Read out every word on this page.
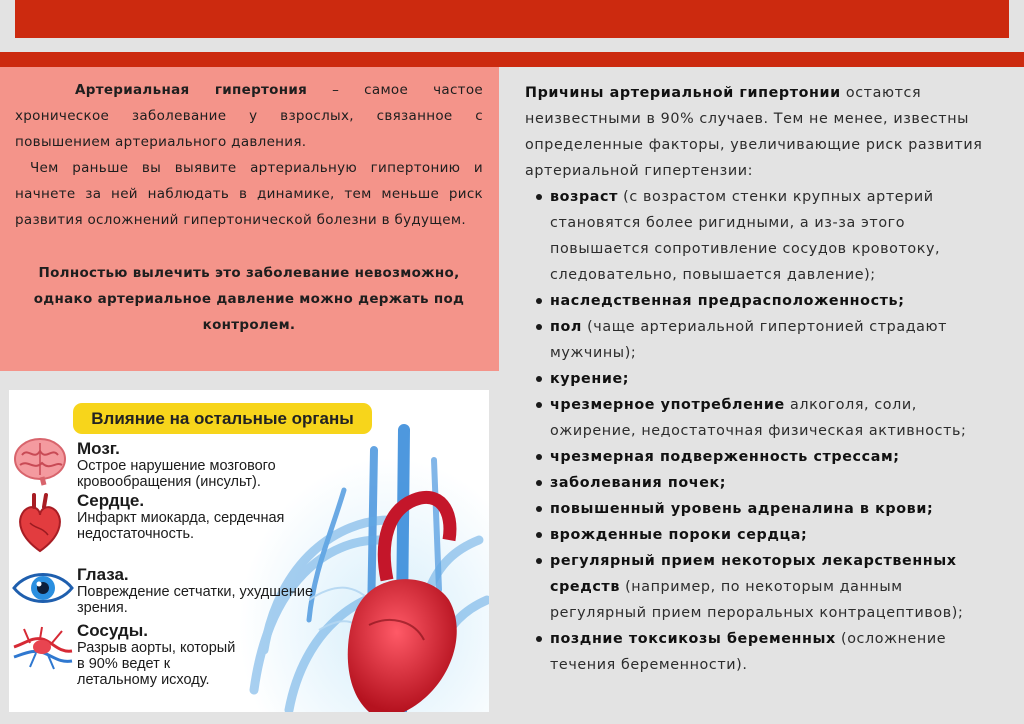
Артериальная гипертония – самое частое хроническое заболевание у взрослых, связанное с повышением артериального давления.

Чем раньше вы выявите артериальную гипертонию и начнете за ней наблюдать в динамике, тем меньше риск развития осложнений гипертонической болезни в будущем.

Полностью вылечить это заболевание невозможно, однако артериальное давление можно держать под контролем.

Влияние на остальные органы
Мозг.
Острое нарушение мозгового кровообращения (инсульт).
Сердце.
Инфаркт миокарда, сердечная недостаточность.
Глаза.
Повреждение сетчатки, ухудшение зрения.
Сосуды.
Разрыв аорты, который в 90% ведет к летальному исходу.

Причины артериальной гипертонии остаются неизвестными в 90% случаев. Тем не менее, известны определенные факторы, увеличивающие риск развития артериальной гипертензии:

возраст (с возрастом стенки крупных артерий становятся более ригидными, а из-за этого повышается сопротивление сосудов кровотоку, следовательно, повышается давление);
наследственная предрасположенность;
пол (чаще артериальной гипертонией страдают мужчины);
курение;
чрезмерное употребление алкоголя, соли, ожирение, недостаточная физическая активность;
чрезмерная подверженность стрессам;
заболевания почек;
повышенный уровень адреналина в крови;
врожденные пороки сердца;
регулярный прием некоторых лекарственных средств (например, по некоторым данным регулярный прием пероральных контрацептивов);
поздние токсикозы беременных (осложнение течения беременности).
